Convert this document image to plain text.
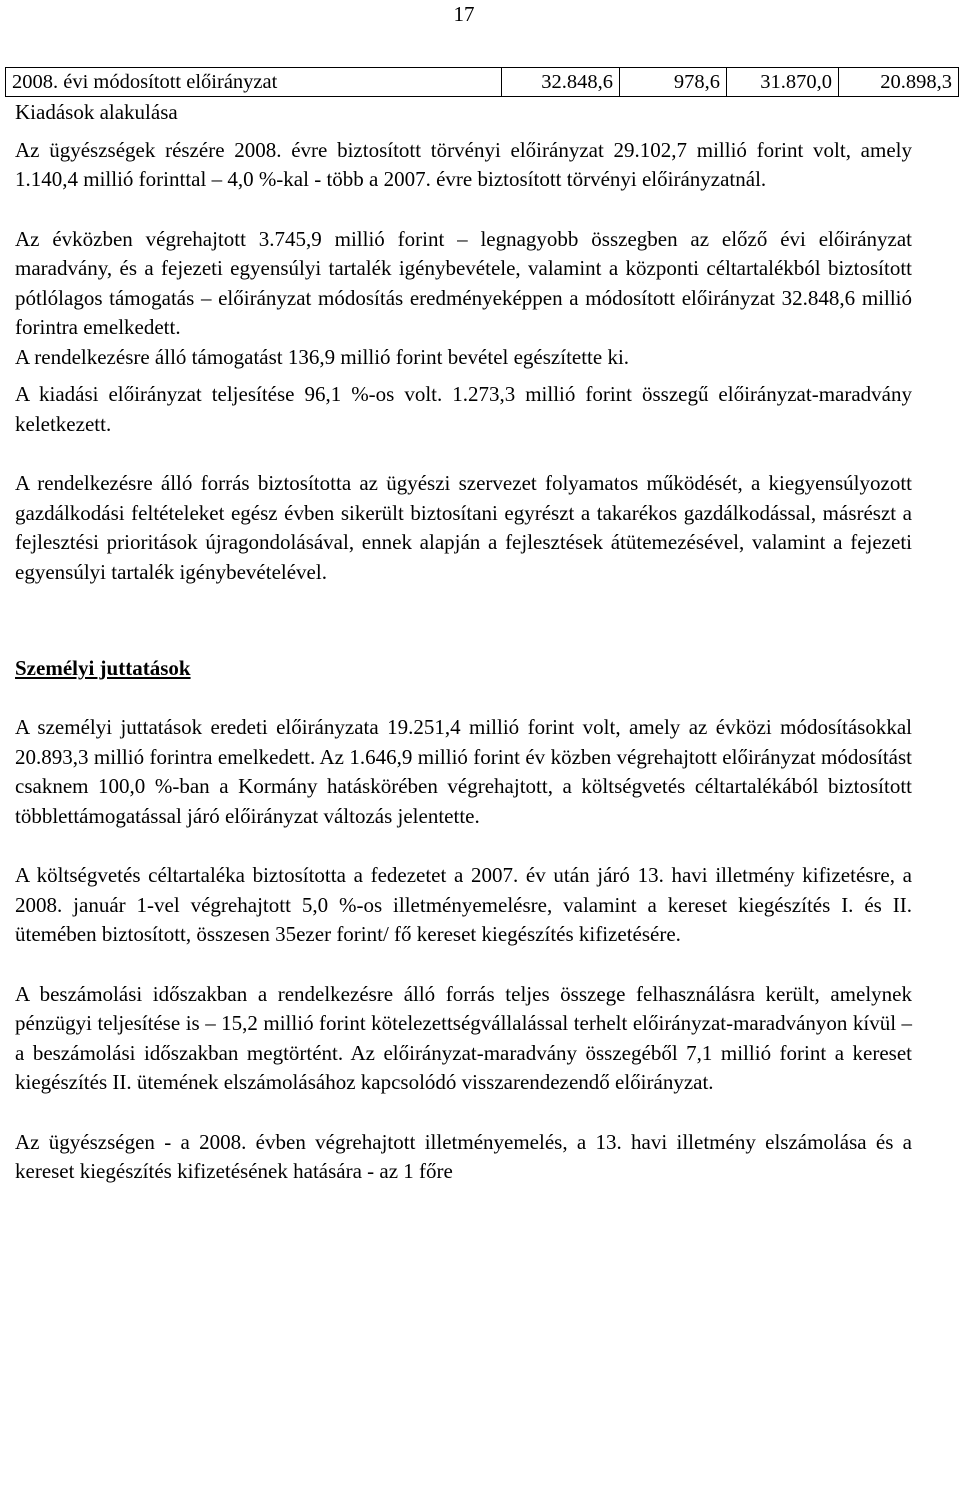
17
2008. évi módosított előirányzat	32.848,6	978,6	31.870,0	20.898,3
Kiadások alakulása

Az ügyészségek részére 2008. évre biztosított törvényi előirányzat 29.102,7 millió forint volt, amely 1.140,4 millió forinttal – 4,0 %-kal - több a 2007. évre biztosított törvényi előirányzatnál.

Az évközben végrehajtott 3.745,9 millió forint – legnagyobb összegben az előző évi előirányzat maradvány, és a fejezeti egyensúlyi tartalék igénybevétele, valamint a központi céltartalékból biztosított pótlólagos támogatás – előirányzat módosítás eredményeképpen a módosított előirányzat 32.848,6 millió forintra emelkedett.

A rendelkezésre álló támogatást 136,9 millió forint bevétel egészítette ki.

A kiadási előirányzat teljesítése 96,1 %-os volt. 1.273,3 millió forint összegű előirányzat-maradvány keletkezett.

A rendelkezésre álló forrás biztosította az ügyészi szervezet folyamatos működését, a kiegyensúlyozott gazdálkodási feltételeket egész évben sikerült biztosítani egyrészt a takarékos gazdálkodással, másrészt a fejlesztési prioritások újragondolásával, ennek alapján a fejlesztések átütemezésével, valamint a fejezeti egyensúlyi tartalék igénybevételével.

Személyi juttatások

A személyi juttatások eredeti előirányzata 19.251,4 millió forint volt, amely az évközi módosításokkal 20.893,3 millió forintra emelkedett. Az 1.646,9 millió forint év közben végrehajtott előirányzat módosítást csaknem 100,0 %-ban a Kormány hatáskörében végrehajtott, a költségvetés céltartalékából biztosított többlettámogatással járó előirányzat változás jelentette.

A költségvetés céltartaléka biztosította a fedezetet a 2007. év után járó 13. havi illetmény kifizetésre, a 2008. január 1-vel végrehajtott 5,0 %-os illetményemelésre, valamint a kereset kiegészítés I. és II. ütemében biztosított, összesen 35ezer forint/ fő kereset kiegészítés kifizetésére.

A beszámolási időszakban a rendelkezésre álló forrás teljes összege felhasználásra került, amelynek pénzügyi teljesítése is – 15,2 millió forint kötelezettségvállalással terhelt előirányzat-maradványon kívül – a beszámolási időszakban megtörtént. Az előirányzat-maradvány összegéből 7,1 millió forint a kereset kiegészítés II. ütemének elszámolásához kapcsolódó visszarendezendő előirányzat.

Az ügyészségen - a 2008. évben végrehajtott illetményemelés, a 13. havi illetmény elszámolása és a kereset kiegészítés kifizetésének hatására - az 1 főre
